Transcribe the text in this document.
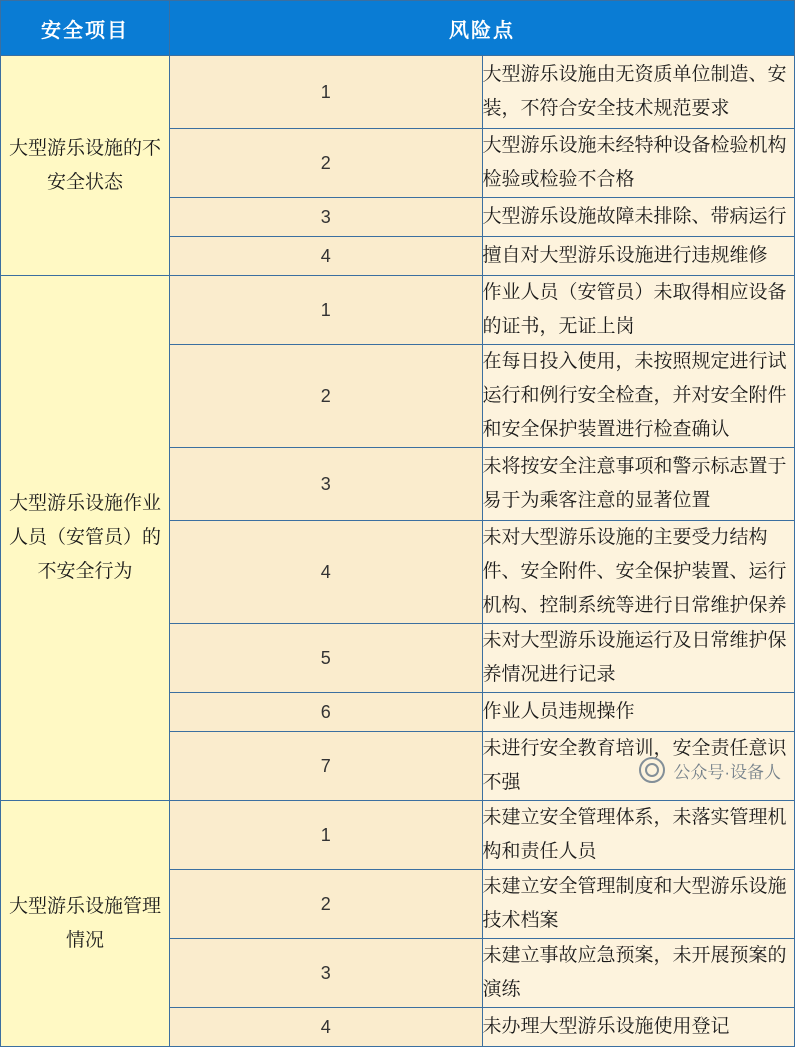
安全项目	风险点	
大型游乐设施的不安全状态	1	大型游乐设施由无资质单位制造、安装，不符合安全技术规范要求
	2	大型游乐设施未经特种设备检验机构检验或检验不合格
	3	大型游乐设施故障未排除、带病运行
	4	擅自对大型游乐设施进行违规维修
大型游乐设施作业人员（安管员）的不安全行为	1	作业人员（安管员）未取得相应设备的证书，无证上岗
	2	在每日投入使用，未按照规定进行试运行和例行安全检查，并对安全附件和安全保护装置进行检查确认
	3	未将按安全注意事项和警示标志置于易于为乘客注意的显著位置
	4	未对大型游乐设施的主要受力结构件、安全附件、安全保护装置、运行机构、控制系统等进行日常维护保养
	5	未对大型游乐设施运行及日常维护保养情况进行记录
	6	作业人员违规操作
	7	未进行安全教育培训，安全责任意识不强
大型游乐设施管理情况	1	未建立安全管理体系，未落实管理机构和责任人员
	2	未建立安全管理制度和大型游乐设施技术档案
	3	未建立事故应急预案，未开展预案的演练
	4	未办理大型游乐设施使用登记
公众号·设备人
